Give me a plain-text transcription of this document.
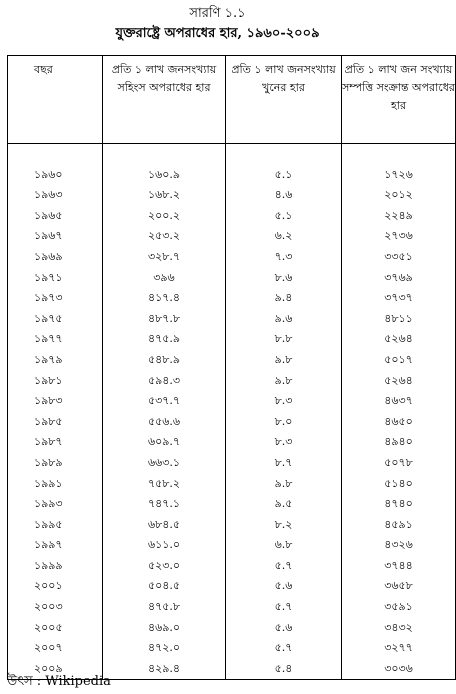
সারণি ১.১
যুক্তরাষ্ট্রে অপরাধের হার, ১৯৬০-২০০৯
বছর	প্রতি ১ লাখ জনসংখ্যায় সহিংস অপরাধের হার	প্রতি ১ লাখ জনসংখ্যায় খুনের হার	প্রতি ১ লাখ জন সংখ্যায় সম্পত্তি সংক্রান্ত অপরাধের হার

১৯৬০	১৬০.৯	৫.১	১৭২৬
১৯৬৩	১৬৮.২	৪.৬	২০১২
১৯৬৫	২০০.২	৫.১	২২৪৯
১৯৬৭	২৫৩.২	৬.২	২৭৩৬
১৯৬৯	৩২৮.৭	৭.৩	৩৩৫১
১৯৭১	৩৯৬	৮.৬	৩৭৬৯
১৯৭৩	৪১৭.৪	৯.৪	৩৭৩৭
১৯৭৫	৪৮৭.৮	৯.৬	৪৮১১
১৯৭৭	৪৭৫.৯	৮.৮	৫২৬৪
১৯৭৯	৫৪৮.৯	৯.৮	৫০১৭
১৯৮১	৫৯৪.৩	৯.৮	৫২৬৪
১৯৮৩	৫৩৭.৭	৮.৩	৪৬৩৭
১৯৮৫	৫৫৬.৬	৮.০	৪৬৫০
১৯৮৭	৬০৯.৭	৮.৩	৪৯৪০
১৯৮৯	৬৬৩.১	৮.৭	৫০৭৮
১৯৯১	৭৫৮.২	৯.৮	৫১৪০
১৯৯৩	৭৪৭.১	৯.৫	৪৭৪০
১৯৯৫	৬৮৪.৫	৮.২	৪৫৯১
১৯৯৭	৬১১.০	৬.৮	৪৩২৬
১৯৯৯	৫২৩.০	৫.৭	৩৭৪৪
২০০১	৫০৪.৫	৫.৬	৩৬৫৮
২০০৩	৪৭৫.৮	৫.৭	৩৫৯১
২০০৫	৪৬৯.০	৫.৬	৩৪৩২
২০০৭	৪৭২.০	৫.৭	৩২৭৭
২০০৯	৪২৯.৪	৫.৪	৩০৩৬
উৎস : Wikipedia
